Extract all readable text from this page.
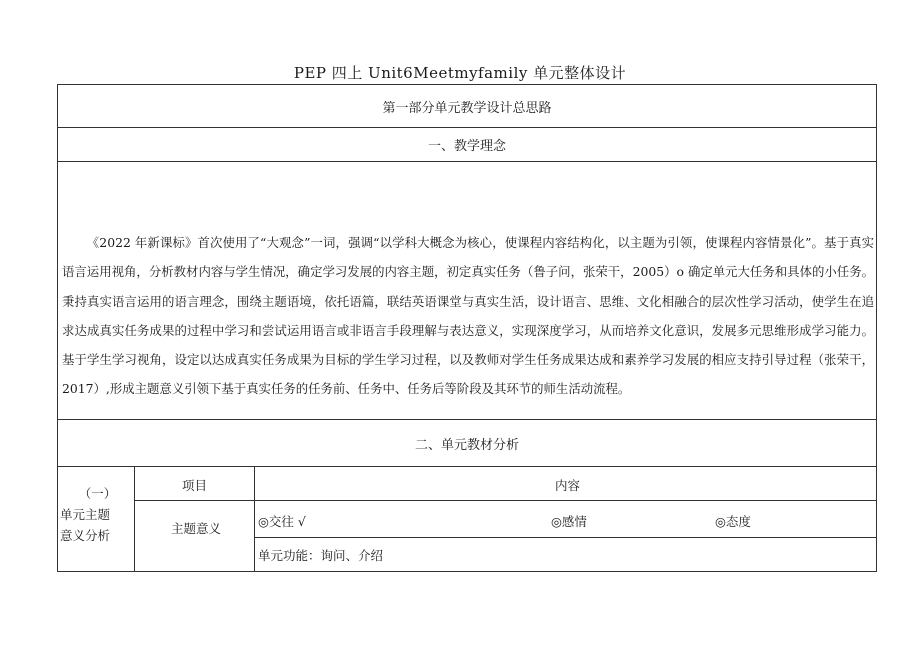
PEP 四上 Unit6Meetmyfamily 单元整体设计
第一部分单元教学设计总思路
一、教学理念
《2022 年新课标》首次使用了“大观念”一词，强调“以学科大概念为核心，使课程内容结构化，以主题为引领，使课程内容情景化”。基于真实语言运用视角，分析教材内容与学生情况，确定学习发展的内容主题，初定真实任务（鲁子问，张荣干，2005）o 确定单元大任务和具体的小任务。秉持真实语言运用的语言理念，围绕主题语境，依托语篇，联结英语课堂与真实生活，设计语言、思维、文化相融合的层次性学习活动，使学生在追求达成真实任务成果的过程中学习和尝试运用语言或非语言手段理解与表达意义，实现深度学习，从而培养文化意识，发展多元思维形成学习能力。基于学生学习视角，设定以达成真实任务成果为目标的学生学习过程，以及教师对学生任务成果达成和素养学习发展的相应支持引导过程（张荣干，2017）,形成主题意义引领下基于真实任务的任务前、任务中、任务后等阶段及其环节的师生活动流程。
二、单元教材分析
（一）
单元主题
意义分析
项目	内容
主题意义	◎交往 √	◎感情	◎态度
单元功能：询问、介绍
